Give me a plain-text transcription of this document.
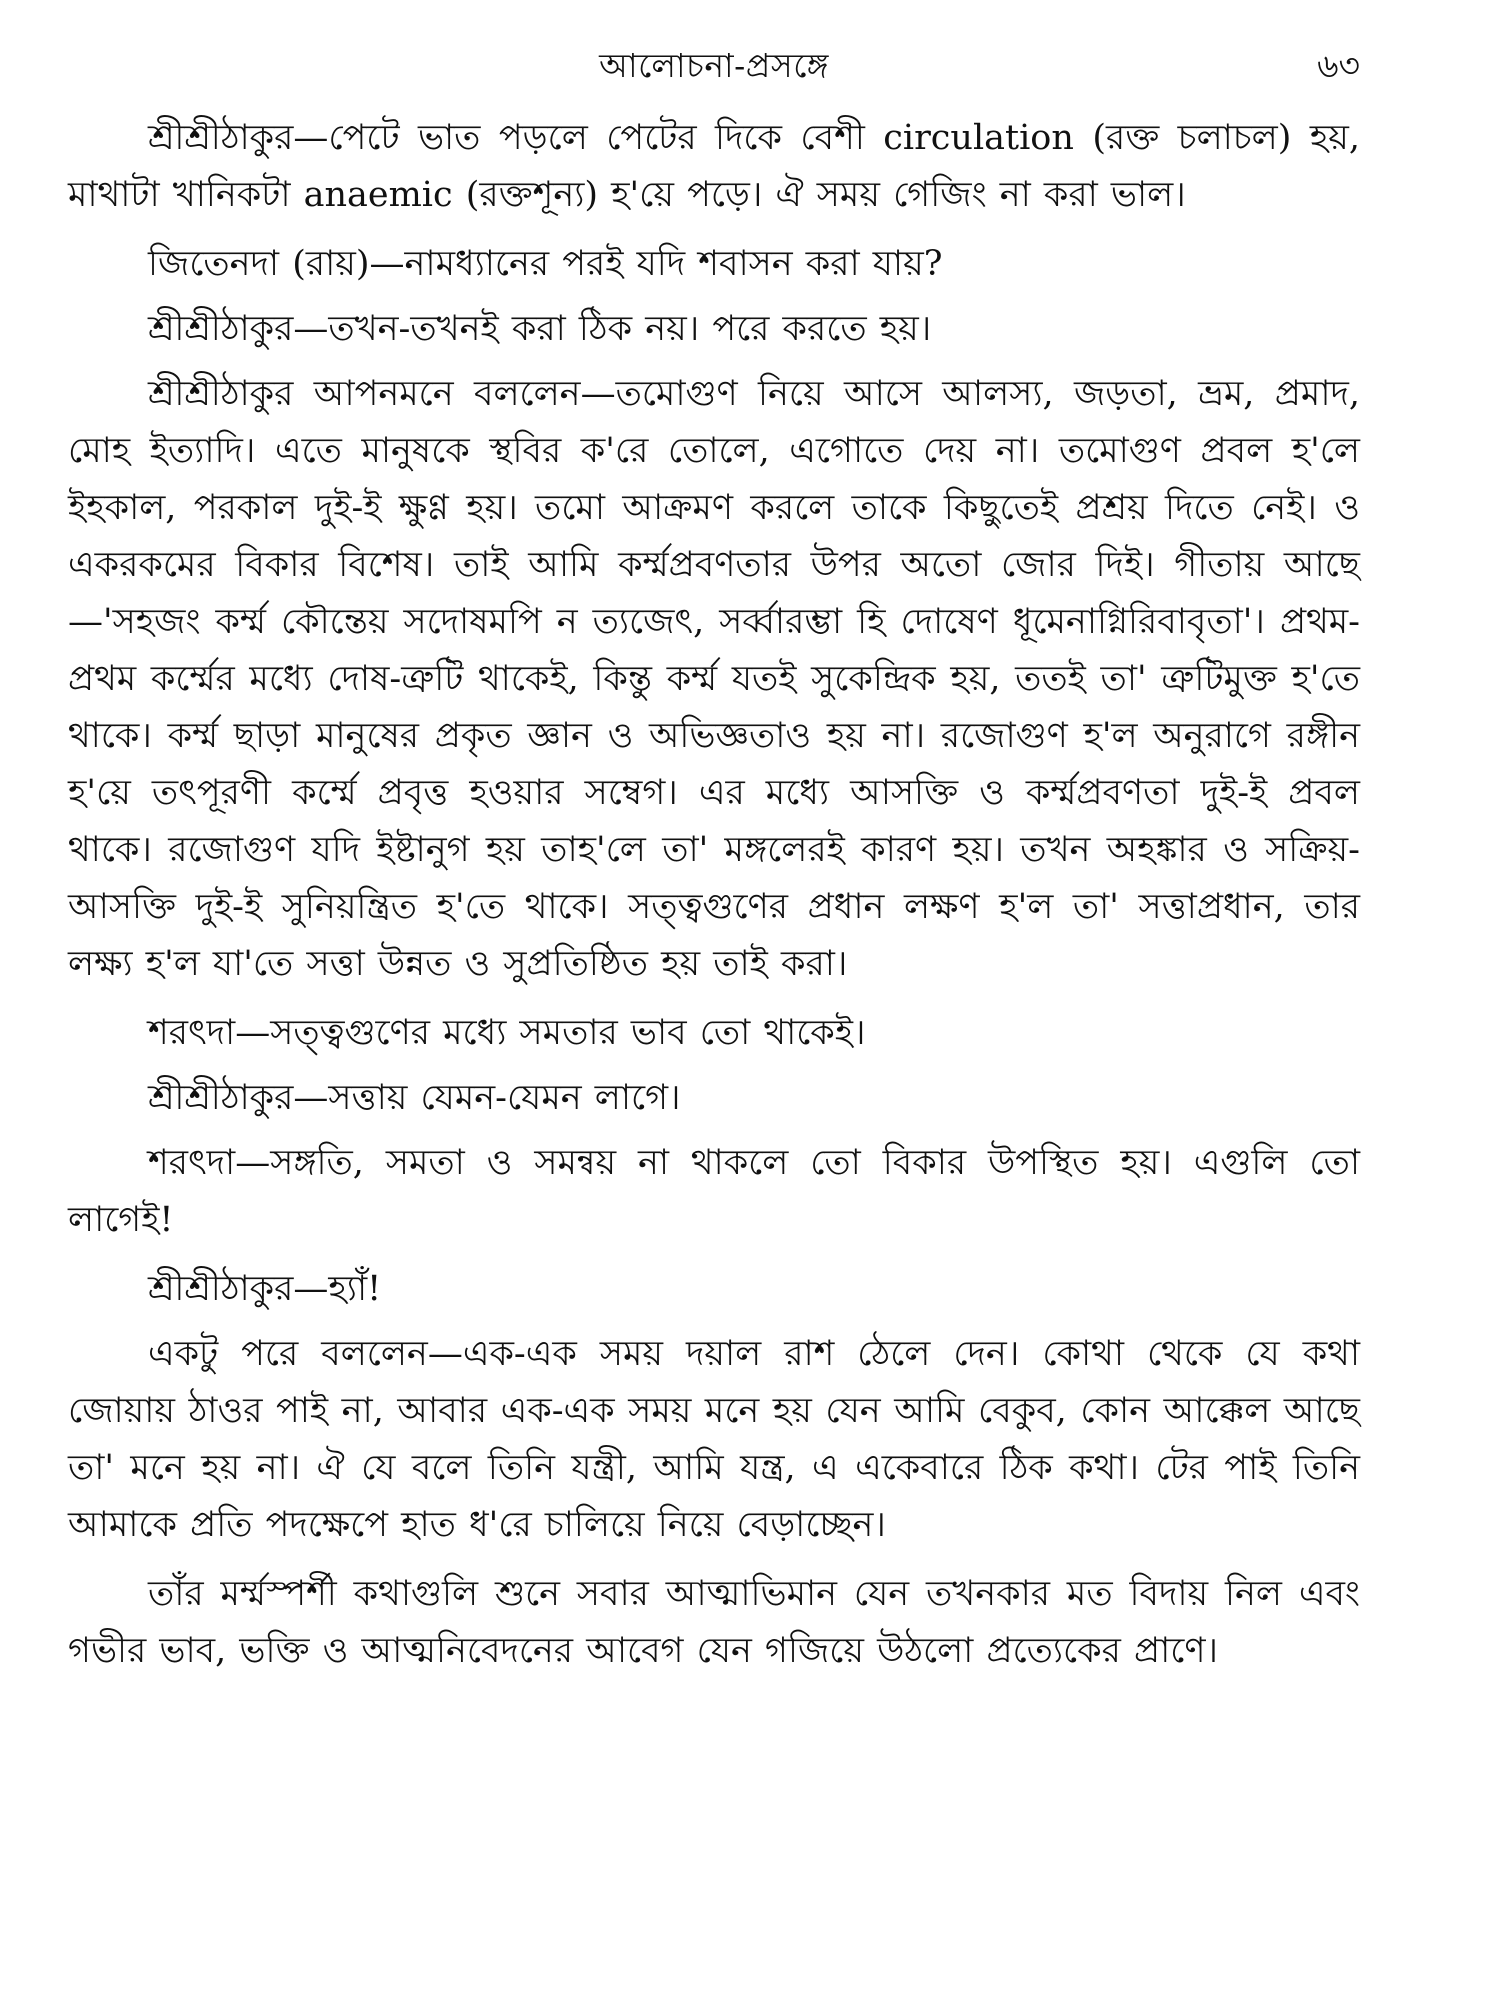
আলোচনা-প্রসঙ্গে	৬৩

শ্রীশ্রীঠাকুর—পেটে ভাত পড়লে পেটের দিকে বেশী circulation (রক্ত চলাচল) হয়, মাথাটা খানিকটা anaemic (রক্তশূন্য) হ'য়ে পড়ে। ঐ সময় গেজিং না করা ভাল।

জিতেনদা (রায়)—নামধ্যানের পরই যদি শবাসন করা যায়?

শ্রীশ্রীঠাকুর—তখন-তখনই করা ঠিক নয়। পরে করতে হয়।

শ্রীশ্রীঠাকুর আপনমনে বললেন—তমোগুণ নিয়ে আসে আলস্য, জড়তা, ভ্রম, প্রমাদ, মোহ ইত্যাদি। এতে মানুষকে স্থবির ক'রে তোলে, এগোতে দেয় না। তমোগুণ প্রবল হ'লে ইহকাল, পরকাল দুই-ই ক্ষুণ্ণ হয়। তমো আক্রমণ করলে তাকে কিছুতেই প্রশ্রয় দিতে নেই। ও একরকমের বিকার বিশেষ। তাই আমি কর্ম্মপ্রবণতার উপর অতো জোর দিই। গীতায় আছে—'সহজং কর্ম্ম কৌন্তেয় সদোষমপি ন ত্যজেৎ, সর্ব্বারম্ভা হি দোষেণ ধূমেনাগ্নিরিবাবৃতা'। প্রথম-প্রথম কর্ম্মের মধ্যে দোষ-ত্রুটি থাকেই, কিন্তু কর্ম্ম যতই সুকেন্দ্রিক হয়, ততই তা' ত্রুটিমুক্ত হ'তে থাকে। কর্ম্ম ছাড়া মানুষের প্রকৃত জ্ঞান ও অভিজ্ঞতাও হয় না। রজোগুণ হ'ল অনুরাগে রঙ্গীন হ'য়ে তৎপূরণী কর্ম্মে প্রবৃত্ত হওয়ার সম্বেগ। এর মধ্যে আসক্তি ও কর্ম্মপ্রবণতা দুই-ই প্রবল থাকে। রজোগুণ যদি ইষ্টানুগ হয় তাহ'লে তা' মঙ্গলেরই কারণ হয়। তখন অহঙ্কার ও সক্রিয়-আসক্তি দুই-ই সুনিয়ন্ত্রিত হ'তে থাকে। সত্ত্বগুণের প্রধান লক্ষণ হ'ল তা' সত্তাপ্রধান, তার লক্ষ্য হ'ল যা'তে সত্তা উন্নত ও সুপ্রতিষ্ঠিত হয় তাই করা।

শরৎদা—সত্ত্বগুণের মধ্যে সমতার ভাব তো থাকেই।

শ্রীশ্রীঠাকুর—সত্তায় যেমন-যেমন লাগে।

শরৎদা—সঙ্গতি, সমতা ও সমন্বয় না থাকলে তো বিকার উপস্থিত হয়। এগুলি তো লাগেই!

শ্রীশ্রীঠাকুর—হ্যাঁ!

একটু পরে বললেন—এক-এক সময় দয়াল রাশ ঠেলে দেন। কোথা থেকে যে কথা জোয়ায় ঠাওর পাই না, আবার এক-এক সময় মনে হয় যেন আমি বেকুব, কোন আক্কেল আছে তা' মনে হয় না। ঐ যে বলে তিনি যন্ত্রী, আমি যন্ত্র, এ একেবারে ঠিক কথা। টের পাই তিনি আমাকে প্রতি পদক্ষেপে হাত ধ'রে চালিয়ে নিয়ে বেড়াচ্ছেন।

তাঁর মর্ম্মস্পর্শী কথাগুলি শুনে সবার আত্মাভিমান যেন তখনকার মত বিদায় নিল এবং গভীর ভাব, ভক্তি ও আত্মনিবেদনের আবেগ যেন গজিয়ে উঠলো প্রত্যেকের প্রাণে।
